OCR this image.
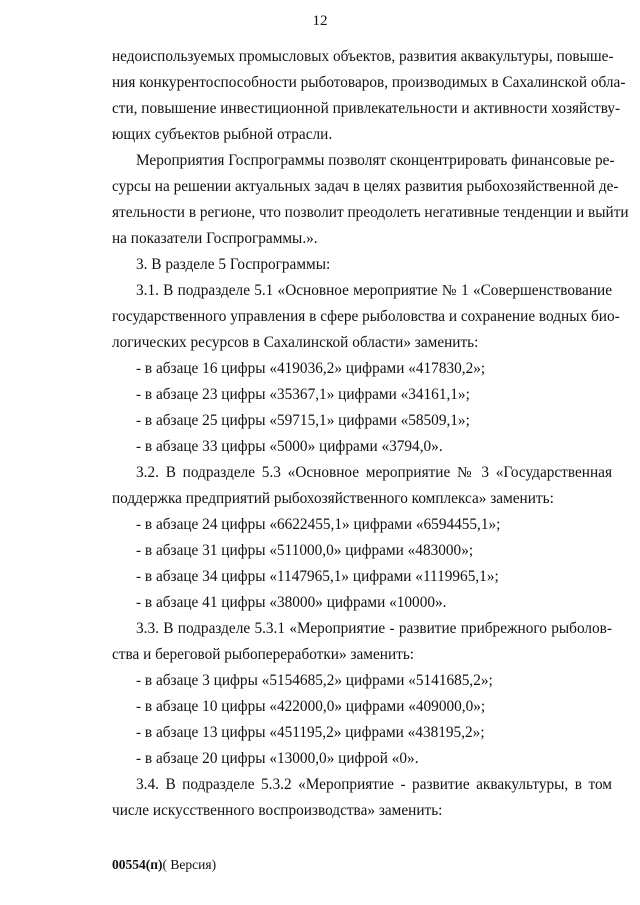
12
недоиспользуемых промысловых объектов, развития аквакультуры, повыше-
ния конкурентоспособности рыботоваров, производимых в Сахалинской обла-
сти, повышение инвестиционной привлекательности и активности хозяйству-
ющих субъектов рыбной отрасли.
Мероприятия Госпрограммы позволят сконцентрировать финансовые ре-
сурсы на решении актуальных задач в целях развития рыбохозяйственной де-
ятельности в регионе, что позволит преодолеть негативные тенденции и выйти
на показатели Госпрограммы.».
3. В разделе 5 Госпрограммы:
3.1. В подразделе 5.1 «Основное мероприятие № 1 «Совершенствование
государственного управления в сфере рыболовства и сохранение водных био-
логических ресурсов в Сахалинской области» заменить:
- в абзаце 16 цифры «419036,2» цифрами «417830,2»;
- в абзаце 23 цифры «35367,1» цифрами «34161,1»;
- в абзаце 25 цифры «59715,1» цифрами «58509,1»;
- в абзаце 33 цифры «5000» цифрами «3794,0».
3.2. В подразделе 5.3 «Основное мероприятие № 3 «Государственная
поддержка предприятий рыбохозяйственного комплекса» заменить:
- в абзаце 24 цифры «6622455,1» цифрами «6594455,1»;
- в абзаце 31 цифры «511000,0» цифрами «483000»;
- в абзаце 34 цифры «1147965,1» цифрами «1119965,1»;
- в абзаце 41 цифры «38000» цифрами «10000».
3.3. В подразделе 5.3.1 «Мероприятие - развитие прибрежного рыболов-
ства и береговой рыбопереработки» заменить:
- в абзаце 3 цифры «5154685,2» цифрами «5141685,2»;
- в абзаце 10 цифры «422000,0» цифрами «409000,0»;
- в абзаце 13 цифры «451195,2» цифрами «438195,2»;
- в абзаце 20 цифры «13000,0» цифрой «0».
3.4. В подразделе 5.3.2 «Мероприятие - развитие аквакультуры, в том
числе искусственного воспроизводства» заменить:
00554(п)( Версия)
